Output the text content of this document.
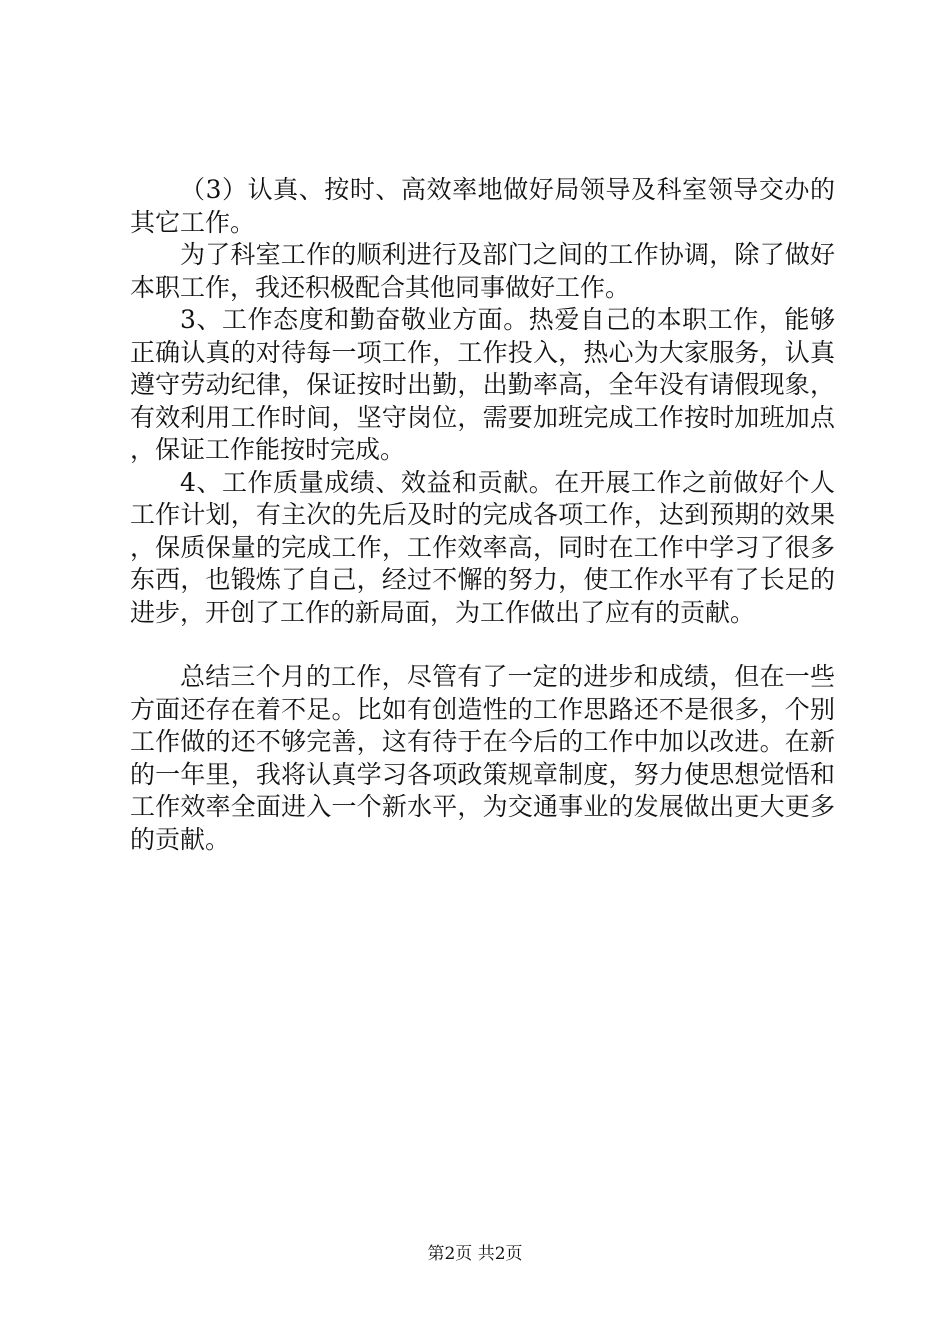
（3）认真、按时、高效率地做好局领导及科室领导交办的其它工作。

为了科室工作的顺利进行及部门之间的工作协调，除了做好本职工作，我还积极配合其他同事做好工作。

3、工作态度和勤奋敬业方面。热爱自己的本职工作，能够正确认真的对待每一项工作，工作投入，热心为大家服务，认真遵守劳动纪律，保证按时出勤，出勤率高，全年没有请假现象，有效利用工作时间，坚守岗位，需要加班完成工作按时加班加点，保证工作能按时完成。

4、工作质量成绩、效益和贡献。在开展工作之前做好个人工作计划，有主次的先后及时的完成各项工作，达到预期的效果，保质保量的完成工作，工作效率高，同时在工作中学习了很多东西，也锻炼了自己，经过不懈的努力，使工作水平有了长足的进步，开创了工作的新局面，为工作做出了应有的贡献。

总结三个月的工作，尽管有了一定的进步和成绩，但在一些方面还存在着不足。比如有创造性的工作思路还不是很多，个别工作做的还不够完善，这有待于在今后的工作中加以改进。在新的一年里，我将认真学习各项政策规章制度，努力使思想觉悟和工作效率全面进入一个新水平，为交通事业的发展做出更大更多的贡献。

第2页 共2页
